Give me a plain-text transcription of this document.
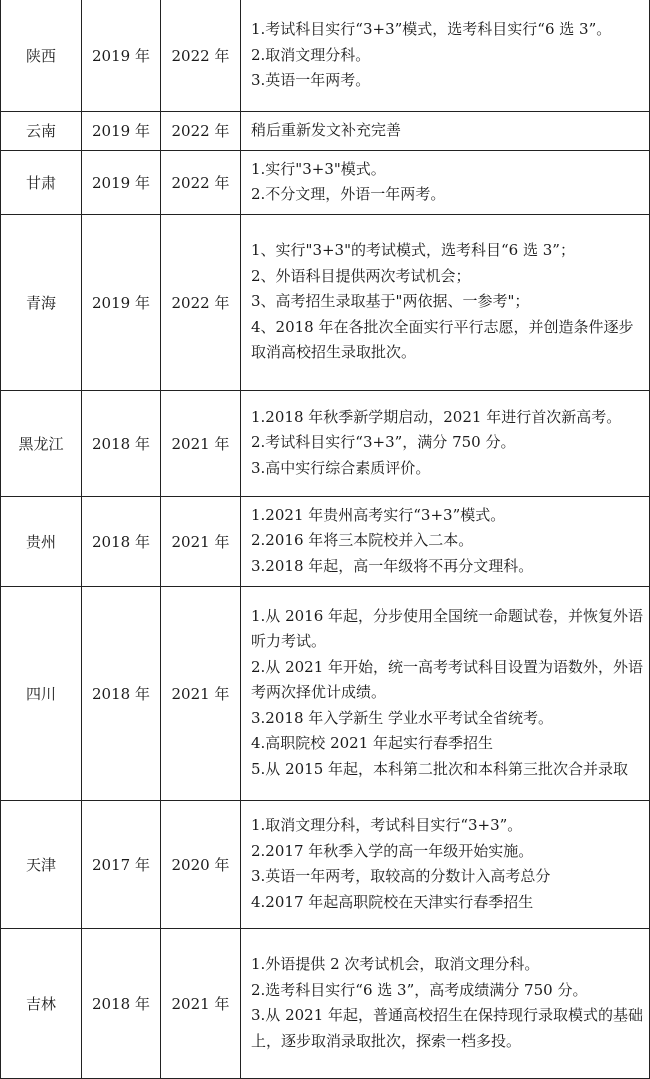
陕西	2019 年	2022 年	1.考试科目实行“3+3”模式，选考科目实行“6 选 3”。
2.取消文理分科。
3.英语一年两考。

云南	2019 年	2022 年	稍后重新发文补充完善

甘肃	2019 年	2022 年	1.实行"3+3"模式。
2.不分文理，外语一年两考。

青海	2019 年	2022 年	1、实行"3+3"的考试模式，选考科目“6 选 3”；
2、外语科目提供两次考试机会；
3、高考招生录取基于"两依据、一参考"；
4、2018 年在各批次全面实行平行志愿，并创造条件逐步取消高校招生录取批次。

黑龙江	2018 年	2021 年	1.2018 年秋季新学期启动，2021 年进行首次新高考。
2.考试科目实行“3+3”，满分 750 分。
3.高中实行综合素质评价。

贵州	2018 年	2021 年	1.2021 年贵州高考实行“3+3”模式。
2.2016 年将三本院校并入二本。
3.2018 年起，高一年级将不再分文理科。

四川	2018 年	2021 年	1.从 2016 年起，分步使用全国统一命题试卷，并恢复外语听力考试。
2.从 2021 年开始，统一高考考试科目设置为语数外，外语考两次择优计成绩。
3.2018 年入学新生 学业水平考试全省统考。
4.高职院校 2021 年起实行春季招生
5.从 2015 年起，本科第二批次和本科第三批次合并录取

天津	2017 年	2020 年	1.取消文理分科，考试科目实行“3+3”。
2.2017 年秋季入学的高一年级开始实施。
3.英语一年两考，取较高的分数计入高考总分
4.2017 年起高职院校在天津实行春季招生

吉林	2018 年	2021 年	1.外语提供 2 次考试机会，取消文理分科。
2.选考科目实行“6 选 3”，高考成绩满分 750 分。
3.从 2021 年起，普通高校招生在保持现行录取模式的基础上，逐步取消录取批次，探索一档多投。
